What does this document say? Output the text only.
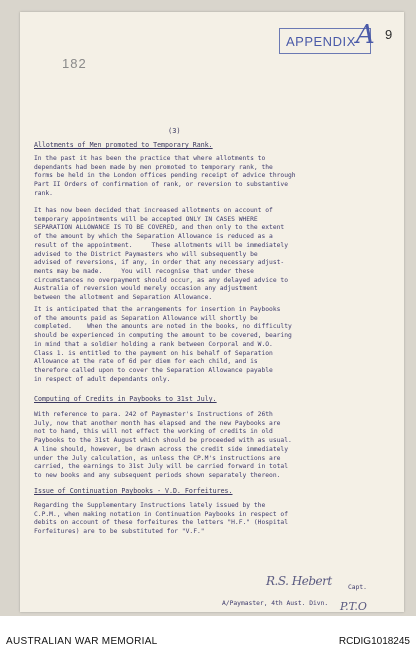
APPENDIX A 9
182
(3)
Allotments of Men promoted to Temporary Rank.
In the past it has been the practice that where allotments to
dependants had been made by men promoted to temporary rank, the
forms be held in the London offices pending receipt of advice through
Part II Orders of confirmation of rank, or reversion to substantive
rank.
It has now been decided that increased allotments on account of
temporary appointments will be accepted ONLY IN CASES WHERE
SEPARATION ALLOWANCE IS TO BE COVERED, and then only to the extent
of the amount by which the Separation Allowance is reduced as a
result of the appointment.     These allotments will be immediately
advised to the District Paymasters who will subsequently be
advised of reversions, if any, in order that any necessary adjust-
ments may be made.     You will recognise that under these
circumstances no overpayment should occur, as any delayed advice to
Australia of reversion would merely occasion any adjustment
between the allotment and Separation Allowance.
It is anticipated that the arrangements for insertion in Paybooks
of the amounts paid as Separation Allowance will shortly be
completed.    When the amounts are noted in the books, no difficulty
should be experienced in computing the amount to be covered, bearing
in mind that a soldier holding a rank between Corporal and W.O.
Class 1. is entitled to the payment on his behalf of Separation
Allowance at the rate of 6d per diem for each child, and is
therefore called upon to cover the Separation Allowance payable
in respect of adult dependants only.
Computing of Credits in Paybooks to 31st July.
With reference to para. 242 of Paymaster's Instructions of 26th
July, now that another month has elapsed and the new Paybooks are
not to hand, this will not effect the working of credits in old
Paybooks to the 31st August which should be proceeded with as usual.
A line should, however, be drawn across the credit side immediately
under the July calculation, as unless the CP.M's instructions are
carried, the earnings to 31st July will be carried forward in total
to new books and any subsequent periods shown separately thereon.
Issue of Continuation Paybooks - V.D. Forfeitures.
Regarding the Supplementary Instructions lately issued by the
C.P.M., when making notation in Continuation Paybooks in respect of
debits on account of these forfeitures the letters "H.F." (Hospital
Forfeitures) are to be substituted for "V.F."
R.S. Hebert	Capt.
A/Paymaster, 4th Aust. Divn. P.T.O
AUSTRALIAN WAR MEMORIAL	RCDIG1018245
